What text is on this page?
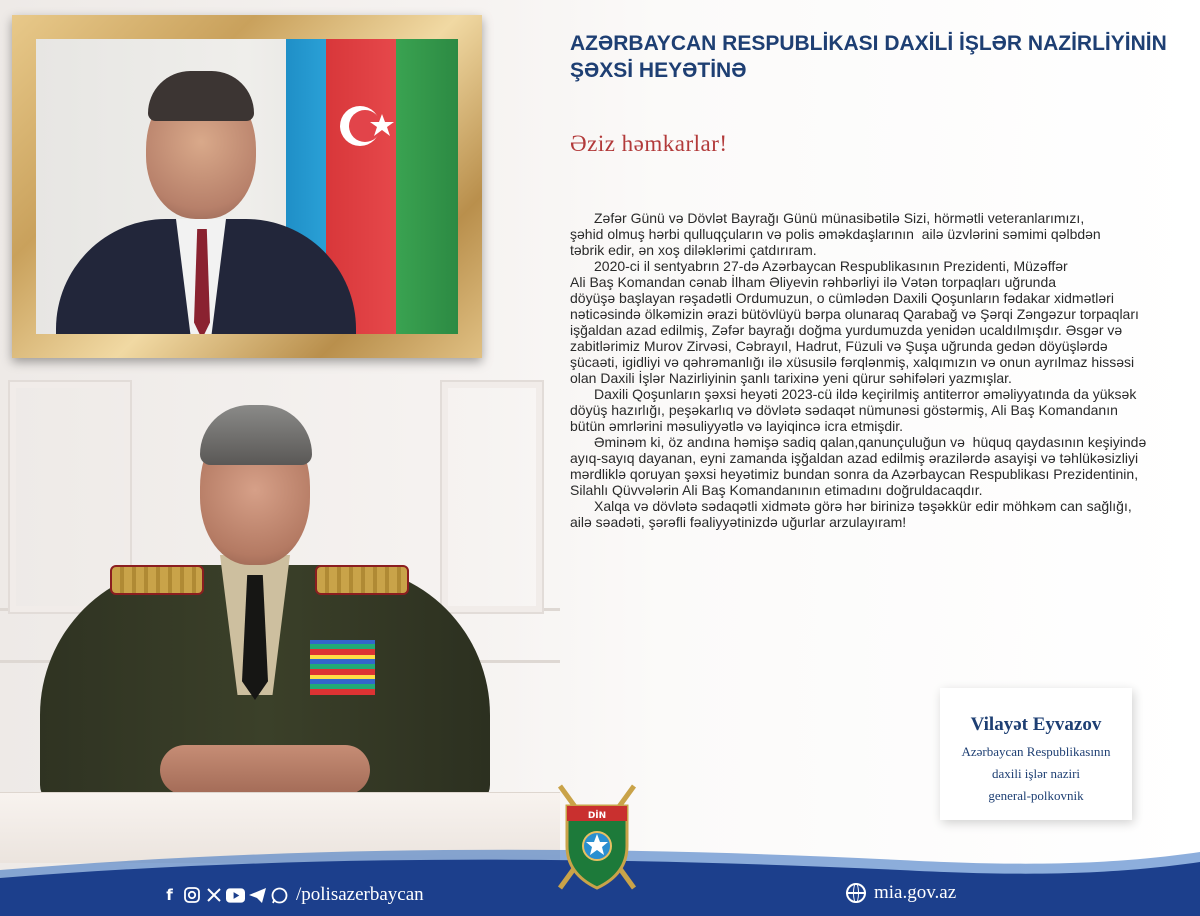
AZƏRBAYCAN RESPUBLİKASI DAXİLİ İŞLƏR NAZİRLİYİNİN
ŞƏXSİ HEYƏTİNƏ

Əziz həmkarlar!

Zəfər Günü və Dövlət Bayrağı Günü münasibətilə Sizi, hörmətli veteranlarımızı,

şəhid olmuş hərbi qulluqçuların və polis əməkdaşlarının  ailə üzvlərini səmimi qəlbdən

təbrik edir, ən xoş diləklərimi çatdırıram.

2020-ci il sentyabrın 27-də Azərbaycan Respublikasının Prezidenti, Müzəffər

Ali Baş Komandan cənab İlham Əliyevin rəhbərliyi ilə Vətən torpaqları uğrunda

döyüşə başlayan rəşadətli Ordumuzun, o cümlədən Daxili Qoşunların fədakar xidmətləri

nəticəsində ölkəmizin ərazi bütövlüyü bərpa olunaraq Qarabağ və Şərqi Zəngəzur torpaqları

işğaldan azad edilmiş, Zəfər bayrağı doğma yurdumuzda yenidən ucaldılmışdır. Əsgər və

zabitlərimiz Murov Zirvəsi, Cəbrayıl, Hadrut, Füzuli və Şuşa uğrunda gedən döyüşlərdə

şücaəti, igidliyi və qəhrəmanlığı ilə xüsusilə fərqlənmiş, xalqımızın və onun ayrılmaz hissəsi

olan Daxili İşlər Nazirliyinin şanlı tarixinə yeni qürur səhifələri yazmışlar.

Daxili Qoşunların şəxsi heyəti 2023-cü ildə keçirilmiş antiterror əməliyyatında da yüksək

döyüş hazırlığı, peşəkarlıq və dövlətə sədaqət nümunəsi göstərmiş, Ali Baş Komandanın

bütün əmrlərini məsuliyyətlə və layiqincə icra etmişdir.

Əminəm ki, öz andına həmişə sadiq qalan,qanunçuluğun və  hüquq qaydasının keşiyində

ayıq-sayıq dayanan, eyni zamanda işğaldan azad edilmiş ərazilərdə asayişi və təhlükəsizliyi

mərdliklə qoruyan şəxsi heyətimiz bundan sonra da Azərbaycan Respublikası Prezidentinin,

Silahlı Qüvvələrin Ali Baş Komandanının etimadını doğruldacaqdır.

Xalqa və dövlətə sədaqətli xidmətə görə hər birinizə təşəkkür edir möhkəm can sağlığı,

ailə səadəti, şərəfli fəaliyyətinizdə uğurlar arzulayıram!

Vilayət Eyvazov
Azərbaycan Respublikasının
daxili işlər naziri
general-polkovnik
DİN
f	/polisazerbaycan	mia.gov.az
